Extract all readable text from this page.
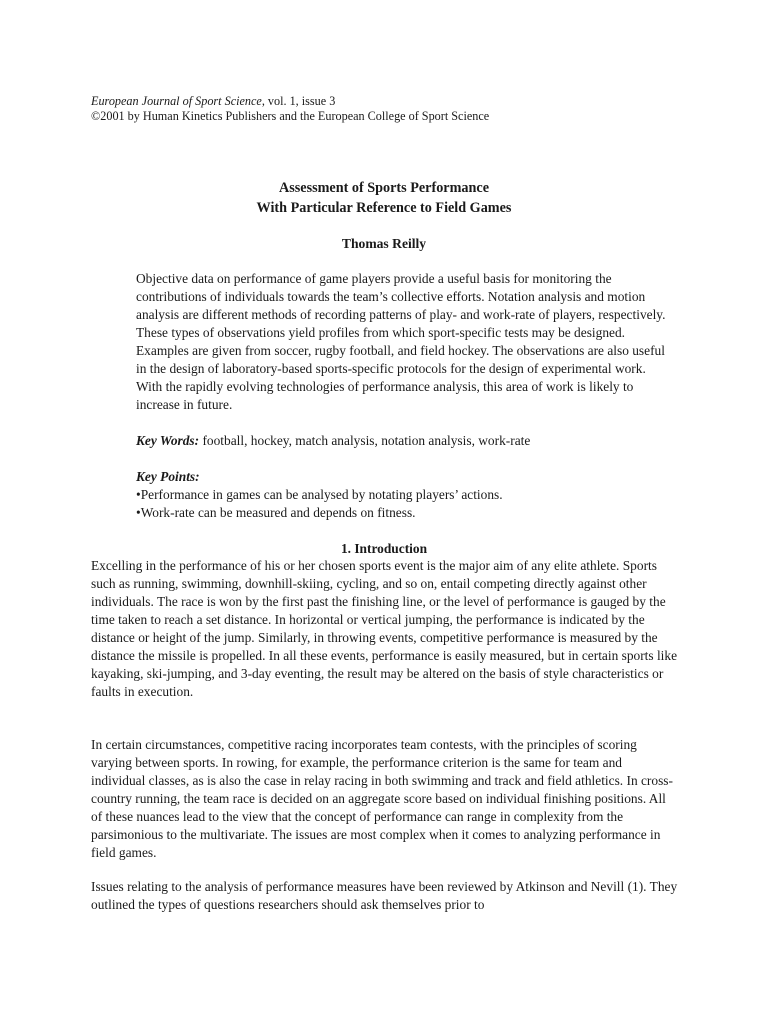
European Journal of Sport Science, vol. 1, issue 3
©2001 by Human Kinetics Publishers and the European College of Sport Science
Assessment of Sports Performance
With Particular Reference to Field Games
Thomas Reilly

Objective data on performance of game players provide a useful basis for monitoring the contributions of individuals towards the team’s collective efforts. Notation analysis and motion analysis are different methods of recording patterns of play- and work-rate of players, respectively. These types of observations yield profiles from which sport-specific tests may be designed. Examples are given from soccer, rugby football, and field hockey. The observations are also useful in the design of laboratory-based sports-specific protocols for the design of experimental work. With the rapidly evolving technologies of performance analysis, this area of work is likely to increase in future.

Key Words: football, hockey, match analysis, notation analysis, work-rate

Key Points:

•Performance in games can be analysed by notating players’ actions.

•Work-rate can be measured and depends on fitness.

1. Introduction

Excelling in the performance of his or her chosen sports event is the major aim of any elite athlete. Sports such as running, swimming, downhill-skiing, cycling, and so on, entail competing directly against other individuals. The race is won by the first past the finishing line, or the level of performance is gauged by the time taken to reach a set distance. In horizontal or vertical jumping, the performance is indicated by the distance or height of the jump. Similarly, in throwing events, competitive performance is measured by the distance the missile is propelled. In all these events, performance is easily measured, but in certain sports like kayaking, ski-jumping, and 3-day eventing, the result may be altered on the basis of style characteristics or faults in execution.

In certain circumstances, competitive racing incorporates team contests, with the principles of scoring varying between sports. In rowing, for example, the performance criterion is the same for team and individual classes, as is also the case in relay racing in both swimming and track and field athletics. In cross-country running, the team race is decided on an aggregate score based on individual finishing positions. All of these nuances lead to the view that the concept of performance can range in complexity from the parsimonious to the multivariate. The issues are most complex when it comes to analyzing performance in field games.

Issues relating to the analysis of performance measures have been reviewed by Atkinson and Nevill (1). They outlined the types of questions researchers should ask themselves prior to
